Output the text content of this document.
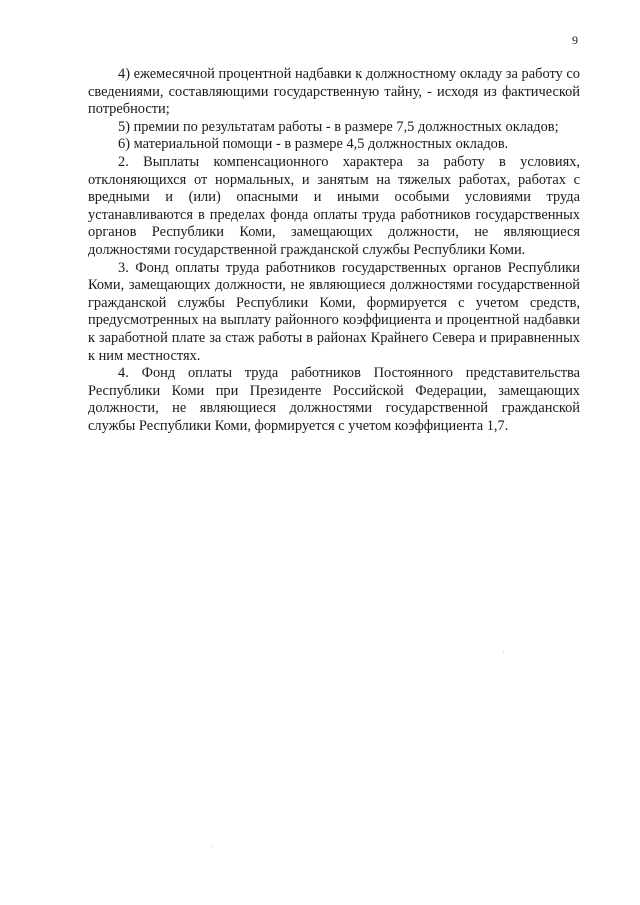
9

4) ежемесячной процентной надбавки к должностному окладу за работу со сведениями, составляющими государственную тайну, - исходя из фактической потребности;

5) премии по результатам работы - в размере 7,5 должностных окладов;

6) материальной помощи - в размере 4,5 должностных окладов.

2. Выплаты компенсационного характера за работу в условиях, отклоняющихся от нормальных, и занятым на тяжелых работах, работах с вредными и (или) опасными и иными особыми условиями труда устанавливаются в пределах фонда оплаты труда работников государственных органов Республики Коми, замещающих должности, не являющиеся должностями государственной гражданской службы Республики Коми.

3. Фонд оплаты труда работников государственных органов Республики Коми, замещающих должности, не являющиеся должностями государственной гражданской службы Республики Коми, формируется с учетом средств, предусмотренных на выплату районного коэффициента и процентной надбавки к заработной плате за стаж работы в районах Крайнего Севера и приравненных к ним местностях.

4. Фонд оплаты труда работников Постоянного представительства Республики Коми при Президенте Российской Федерации, замещающих должности, не являющиеся должностями государственной гражданской службы Республики Коми, формируется с учетом коэффициента 1,7.
